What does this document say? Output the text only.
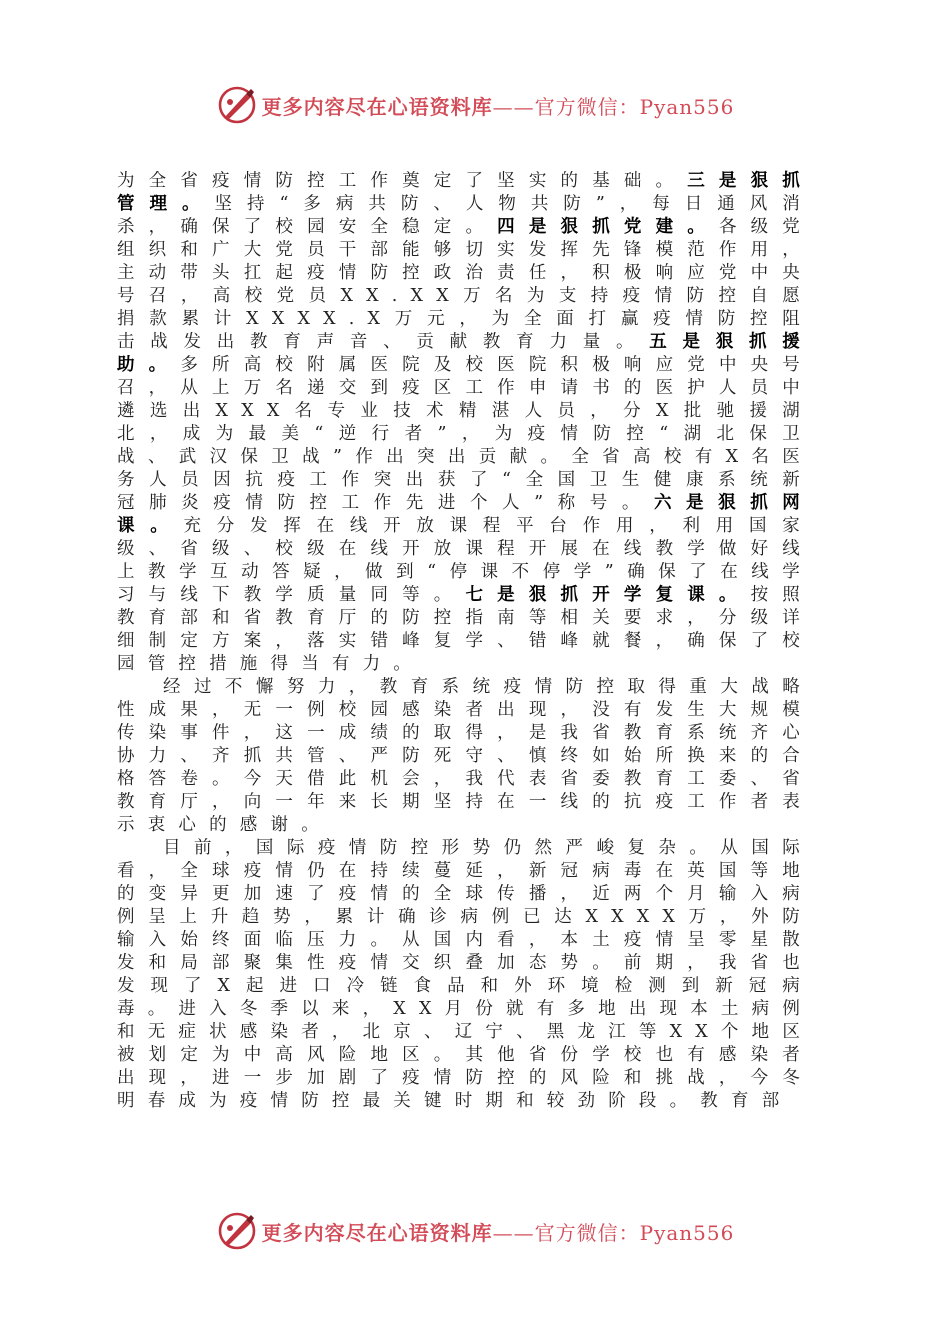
更多内容尽在心语资料库——官方微信：Pyan556

为全省疫情防控工作奠定了坚实的基础。三是狠抓管理。坚持“多病共防、人物共防”，每日通风消杀，确保了校园安全稳定。四是狠抓党建。各级党组织和广大党员干部能够切实发挥先锋模范作用，主动带头扛起疫情防控政治责任，积极响应党中央号召，高校党员XX.XX万名为支持疫情防控自愿捐款累计XXXX.X万元，为全面打赢疫情防控阻击战发出教育声音、贡献教育力量。五是狠抓援助。多所高校附属医院及校医院积极响应党中央号召，从上万名递交到疫区工作申请书的医护人员中遴选出XXX名专业技术精湛人员，分X批驰援湖北，成为最美“逆行者”，为疫情防控“湖北保卫战、武汉保卫战”作出突出贡献。全省高校有X名医务人员因抗疫工作突出获了“全国卫生健康系统新冠肺炎疫情防控工作先进个人”称号。六是狠抓网课。充分发挥在线开放课程平台作用，利用国家级、省级、校级在线开放课程开展在线教学做好线上教学互动答疑，做到“停课不停学”确保了在线学习与线下教学质量同等。七是狠抓开学复课。按照教育部和省教育厅的防控指南等相关要求，分级详细制定方案，落实错峰复学、错峰就餐，确保了校园管控措施得当有力。

经过不懈努力，教育系统疫情防控取得重大战略性成果，无一例校园感染者出现，没有发生大规模传染事件，这一成绩的取得，是我省教育系统齐心协力、齐抓共管、严防死守、慎终如始所换来的合格答卷。今天借此机会，我代表省委教育工委、省教育厅，向一年来长期坚持在一线的抗疫工作者表示衷心的感谢。

目前，国际疫情防控形势仍然严峻复杂。从国际看，全球疫情仍在持续蔓延，新冠病毒在英国等地的变异更加速了疫情的全球传播，近两个月输入病例呈上升趋势，累计确诊病例已达XXXX万，外防输入始终面临压力。从国内看，本土疫情呈零星散发和局部聚集性疫情交织叠加态势。前期，我省也发现了X起进口冷链食品和外环境检测到新冠病毒。进入冬季以来，XX月份就有多地出现本土病例和无症状感染者，北京、辽宁、黑龙江等XX个地区被划定为中高风险地区。其他省份学校也有感染者出现，进一步加剧了疫情防控的风险和挑战，今冬明春成为疫情防控最关键时期和较劲阶段。教育部

更多内容尽在心语资料库——官方微信：Pyan556
